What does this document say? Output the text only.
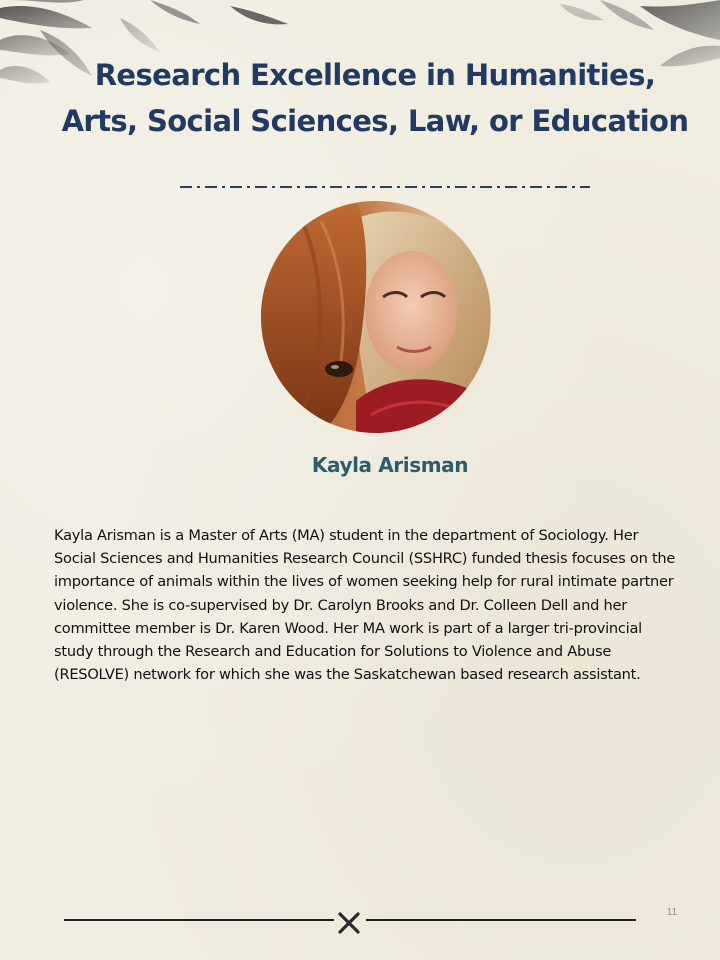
Research Excellence in Humanities, Arts, Social Sciences, Law, or Education
Kayla Arisman

Kayla Arisman is a Master of Arts (MA) student in the department of Sociology. Her Social Sciences and Humanities Research Council (SSHRC) funded thesis focuses on the importance of animals within the lives of women seeking help for rural intimate partner violence. She is co-supervised by Dr. Carolyn Brooks and Dr. Colleen Dell and her committee member is Dr. Karen Wood. Her MA work is part of a larger tri-provincial study through the Research and Education for Solutions to Violence and Abuse (RESOLVE) network for which she was the Saskatchewan based research assistant.

11
